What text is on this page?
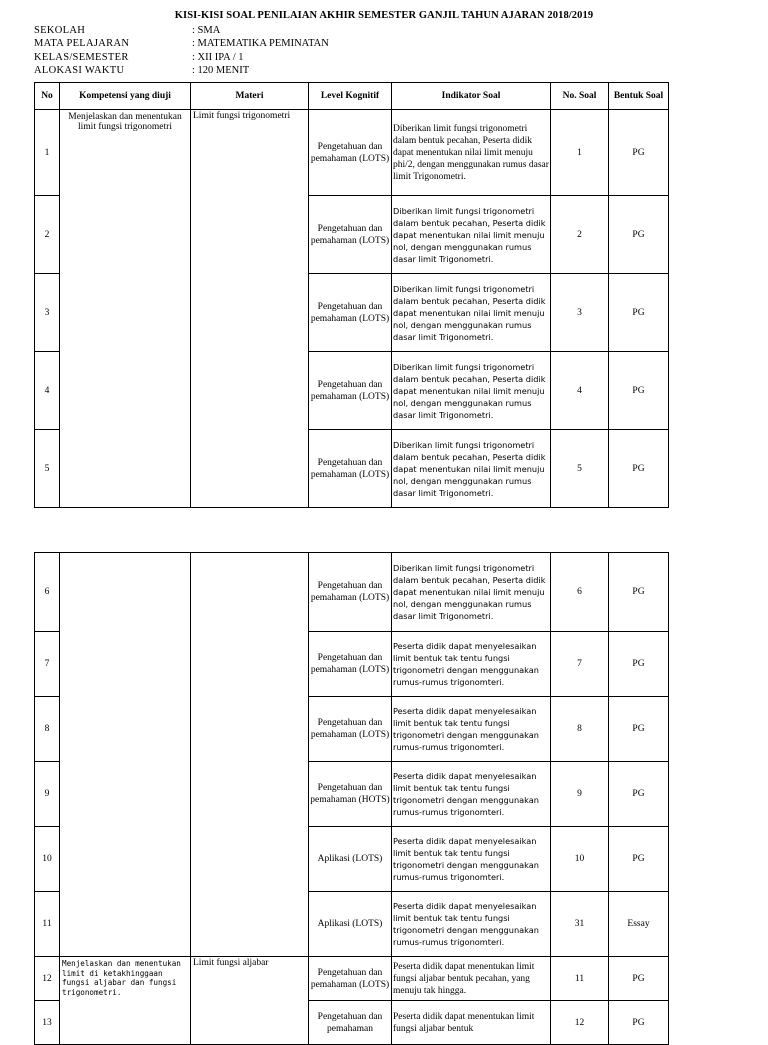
KISI-KISI SOAL PENILAIAN AKHIR SEMESTER GANJIL TAHUN AJARAN 2018/2019
SEKOLAH	: SMA
MATA PELAJARAN	: MATEMATIKA PEMINATAN
KELAS/SEMESTER	: XII IPA / 1
ALOKASI WAKTU	: 120 MENIT
No	Kompetensi yang diuji	Materi	Level Kognitif	Indikator Soal	No. Soal	Bentuk Soal
1	Menjelaskan dan menentukan limit fungsi trigonometri	Limit fungsi trigonometri	Pengetahuan dan pemahaman (LOTS)	Diberikan limit fungsi trigonometri dalam bentuk pecahan, Peserta didik dapat menentukan nilai limit menuju phi/2, dengan menggunakan rumus dasar limit Trigonometri.	1	PG
2			Pengetahuan dan pemahaman (LOTS)	Diberikan limit fungsi trigonometri dalam bentuk pecahan, Peserta didik dapat menentukan nilai limit menuju nol, dengan menggunakan rumus dasar limit Trigonometri.	2	PG
3			Pengetahuan dan pemahaman (LOTS)	Diberikan limit fungsi trigonometri dalam bentuk pecahan, Peserta didik dapat menentukan nilai limit menuju nol, dengan menggunakan rumus dasar limit Trigonometri.	3	PG
4			Pengetahuan dan pemahaman (LOTS)	Diberikan limit fungsi trigonometri dalam bentuk pecahan, Peserta didik dapat menentukan nilai limit menuju nol, dengan menggunakan rumus dasar limit Trigonometri.	4	PG
5			Pengetahuan dan pemahaman (LOTS)	Diberikan limit fungsi trigonometri dalam bentuk pecahan, Peserta didik dapat menentukan nilai limit menuju nol, dengan menggunakan rumus dasar limit Trigonometri.	5	PG
6			Pengetahuan dan pemahaman (LOTS)	Diberikan limit fungsi trigonometri dalam bentuk pecahan, Peserta didik dapat menentukan nilai limit menuju nol, dengan menggunakan rumus dasar limit Trigonometri.	6	PG
7			Pengetahuan dan pemahaman (LOTS)	Peserta didik dapat menyelesaikan limit bentuk tak tentu fungsi trigonometri dengan menggunakan rumus-rumus trigonomteri.	7	PG
8			Pengetahuan dan pemahaman (LOTS)	Peserta didik dapat menyelesaikan limit bentuk tak tentu fungsi trigonometri dengan menggunakan rumus-rumus trigonomteri.	8	PG
9			Pengetahuan dan pemahaman (HOTS)	Peserta didik dapat menyelesaikan limit bentuk tak tentu fungsi trigonometri dengan menggunakan rumus-rumus trigonomteri.	9	PG
10			Aplikasi (LOTS)	Peserta didik dapat menyelesaikan limit bentuk tak tentu fungsi trigonometri dengan menggunakan rumus-rumus trigonomteri.	10	PG
11			Aplikasi (LOTS)	Peserta didik dapat menyelesaikan limit bentuk tak tentu fungsi trigonometri dengan menggunakan rumus-rumus trigonomteri.	31	Essay
12	Menjelaskan dan menentukan limit di ketakhinggaan fungsi aljabar dan fungsi trigonometri.	Limit fungsi aljabar	Pengetahuan dan pemahaman (LOTS)	Peserta didik dapat menentukan limit fungsi aljabar bentuk pecahan, yang menuju tak hingga.	11	PG
13			Pengetahuan dan pemahaman	Peserta didik dapat menentukan limit fungsi aljabar bentuk	12	PG
